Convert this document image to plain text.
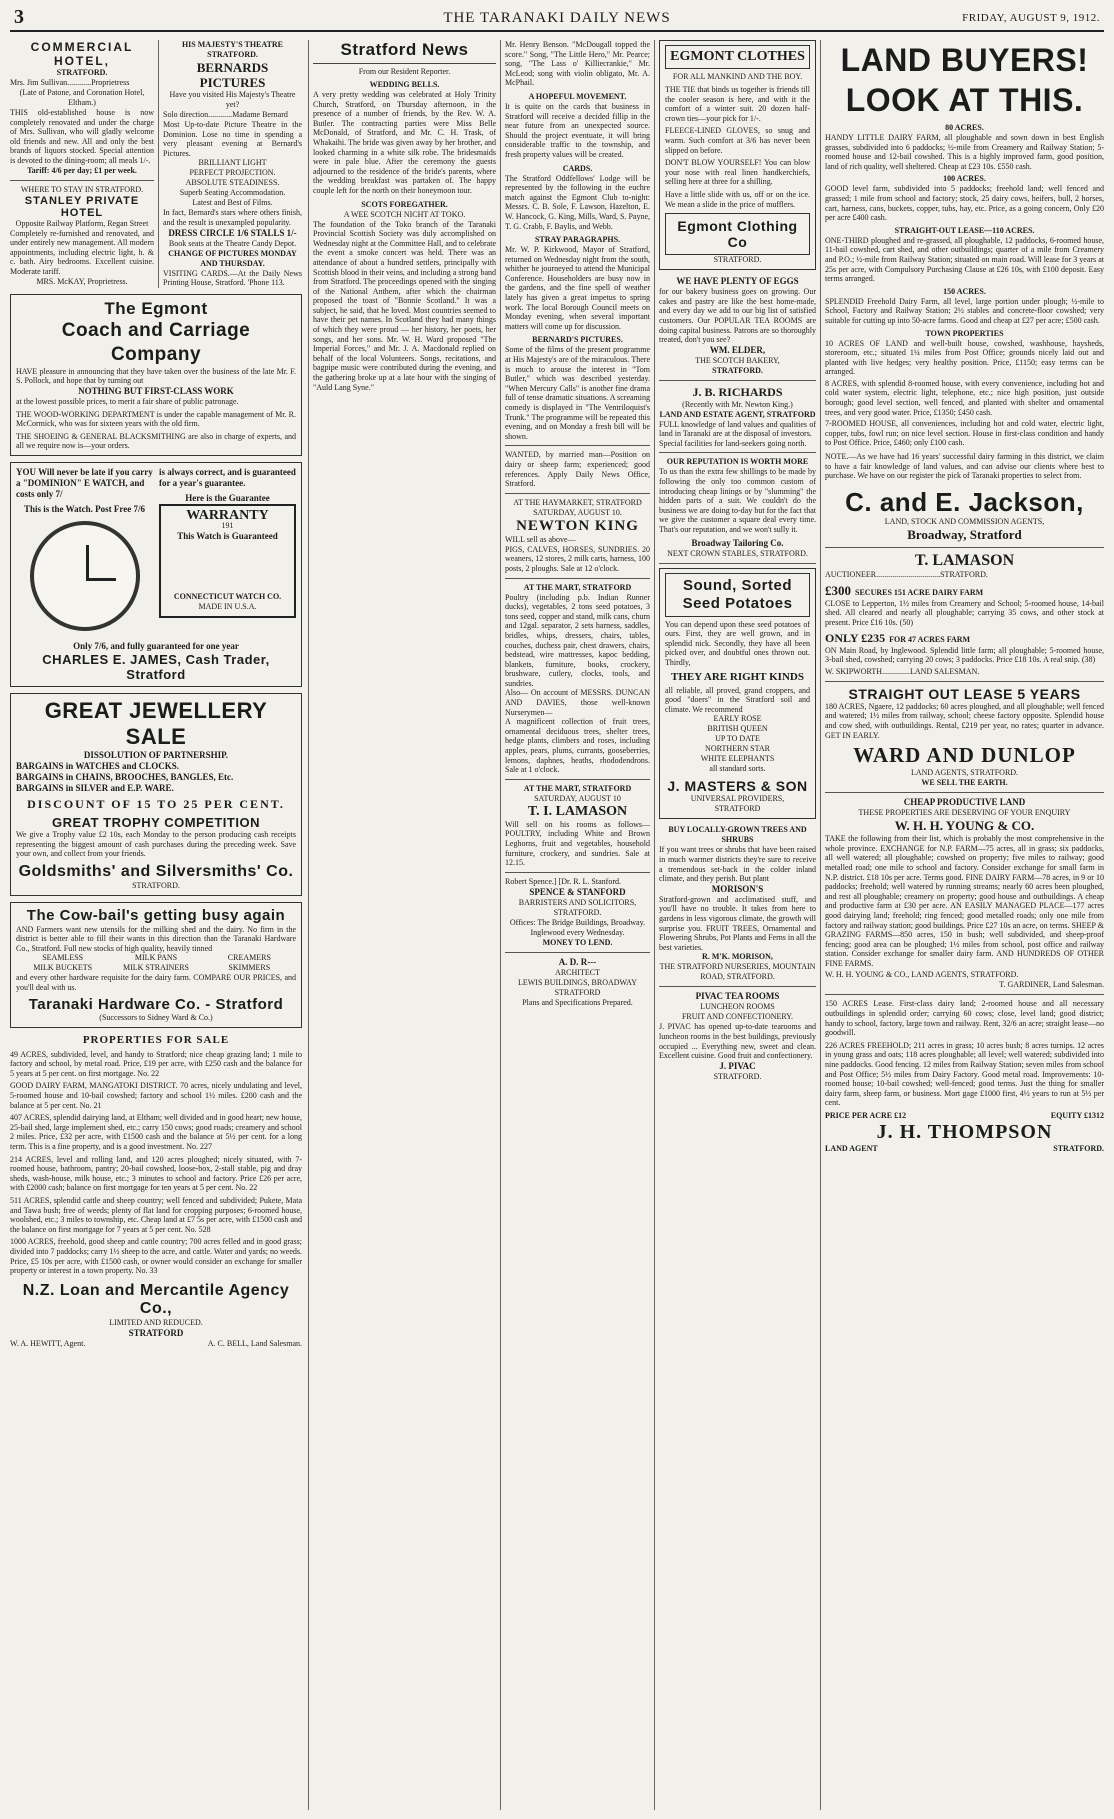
3	THE TARANAKI DAILY NEWS	FRIDAY, AUGUST 9, 1912.
COMMERCIAL HOTEL,
STRATFORD.
Mrs. Jim Sullivan............Proprietress
(Late of Patone, and Coronation Hotel, Eltham.)
THIS old-established house is now completely renovated and under the charge of Mrs. Sullivan, who will gladly welcome old friends and new. All and only the best brands of liquors stocked. Special attention is devoted to the dining-room; all meals 1/-.
Tariff: 4/6 per day; £1 per week.
WHERE TO STAY IN STRATFORD.
STANLEY PRIVATE HOTEL
Opposite Railway Platform, Regan Street
Completely re-furnished and renovated, and under entirely new management. All modern appointments, including electric light, h. & c. bath. Airy bedrooms. Excellent cuisine. Moderate tariff.
MRS. McKAY, Proprietress.
HIS MAJESTY'S THEATRE STRATFORD.
BERNARDS PICTURES
Have you visited His Majesty's Theatre yet?
Solo direction............Madame Bernard
Most Up-to-date Picture Theatre in the Dominion. Lose no time in spending a very pleasant evening at Bernard's Pictures.
BRILLIANT LIGHT
PERFECT PROJECTION.
ABSOLUTE STEADINESS.
Superb Seating Accommodation.
Latest and Best of Films.
In fact, Bernard's stars where others finish, and the result is unexampled popularity.
DRESS CIRCLE 1/6 STALLS 1/-
Book seats at the Theatre Candy Depot.
CHANGE OF PICTURES MONDAY AND THURSDAY.
VISITING CARDS.—At the Daily News Printing House, Stratford. 'Phone 113.
The Egmont
Coach and Carriage Company
HAVE pleasure in announcing that they have taken over the business of the late Mr. F. S. Pollock, and hope that by turning out
NOTHING BUT FIRST-CLASS WORK
at the lowest possible prices, to merit a fair share of public patronage.
THE WOOD-WORKING DEPARTMENT is under the capable management of Mr. R. McCormick, who was for sixteen years with the old firm.
THE SHOEING & GENERAL BLACKSMITHING are also in charge of experts, and all we require now is—your orders.
YOU Will never be late if you carry a "DOMINION" E WATCH, and costs only 7/
This is the Watch. Post Free 7/6
is always correct, and is guaranteed for a year's guarantee.
Here is the Guarantee
WARRANTY
191
This Watch is Guaranteed
CONNECTICUT WATCH CO.
MADE IN U.S.A.
Only 7/6, and fully guaranteed for one year
CHARLES E. JAMES, Cash Trader, Stratford
GREAT JEWELLERY SALE
DISSOLUTION OF PARTNERSHIP.
BARGAINS in WATCHES and CLOCKS.
BARGAINS in CHAINS, BROOCHES, BANGLES, Etc.
BARGAINS in SILVER and E.P. WARE.
DISCOUNT OF 15 TO 25 PER CENT.
GREAT TROPHY COMPETITION
We give a Trophy value £2 10s, each Monday to the person producing cash receipts representing the biggest amount of cash purchases during the preceding week. Save your own, and collect from your friends.
Goldsmiths' and Silversmiths' Co.
STRATFORD.
The Cow-bail's getting busy again
AND Farmers want new utensils for the milking shed and the dairy. No firm in the district is better able to fill their wants in this direction than the Taranaki Hardware Co., Stratford. Full new stocks of high quality, heavily tinned
SEAMLESS	MILK PANS	CREAMERS
MILK BUCKETS	MILK STRAINERS	SKIMMERS
and every other hardware requisite for the dairy farm. COMPARE OUR PRICES, and you'll deal with us.
Taranaki Hardware Co. - Stratford
(Successors to Sidney Ward & Co.)
PROPERTIES FOR SALE

49 ACRES, subdivided, level, and handy to Stratford; nice cheap grazing land; 1 mile to factory and school, by metal road. Price, £19 per acre, with £250 cash and the balance for 5 years at 5 per cent. on first mortgage. No. 22

GOOD DAIRY FARM, MANGATOKI DISTRICT. 70 acres, nicely undulating and level, 5-roomed house and 10-bail cowshed; factory and school 1½ miles. £200 cash and the balance at 5 per cent. No. 21

407 ACRES, splendid dairying land, at Eltham; well divided and in good heart; new house, 25-bail shed, large implement shed, etc.; carry 150 cows; good roads; creamery and school 2 miles. Price, £32 per acre, with £1500 cash and the balance at 5½ per cent. for a long term. This is a fine property, and is a good investment. No. 227

214 ACRES, level and rolling land, and 120 acres ploughed; nicely situated, with 7-roomed house, bathroom, pantry; 20-bail cowshed, loose-box, 2-stall stable, pig and dray sheds, wash-house, milk house, etc.; 3 minutes to school and factory. Price £26 per acre, with £2000 cash; balance on first mortgage for ten years at 5 per cent. No. 22

511 ACRES, splendid cattle and sheep country; well fenced and subdivided; Pukete, Mata and Tawa bush; free of weeds; plenty of flat land for cropping purposes; 6-roomed house, woolshed, etc.; 3 miles to township, etc. Cheap land at £7 5s per acre, with £1500 cash and the balance on first mortgage for 7 years at 5 per cent. No. 528

1000 ACRES, freehold, good sheep and cattle country; 700 acres felled and in good grass; divided into 7 paddocks; carry 1½ sheep to the acre, and cattle. Water and yards; no weeds. Price, £5 10s per acre, with £1500 cash, or owner would consider an exchange for smaller property or interest in a town property. No. 33

N.Z. Loan and Mercantile Agency Co.,
LIMITED AND REDUCED.
STRATFORD
W. A. HEWITT, Agent.	A. C. BELL, Land Salesman.
Stratford News
From our Resident Reporter.
WEDDING BELLS.
A very pretty wedding was celebrated at Holy Trinity Church, Stratford, on Thursday afternoon, in the presence of a number of friends, by the Rev. W. A. Butler. The contracting parties were Miss Belle McDonald, of Stratford, and Mr. C. H. Trask, of Whakaihi. The bride was given away by her brother, and looked charming in a white silk robe. The bridesmaids were in pale blue. After the ceremony the guests adjourned to the residence of the bride's parents, where the wedding breakfast was partaken of. The happy couple left for the north on their honeymoon tour.
SCOTS FOREGATHER.
A WEE SCOTCH NICHT AT TOKO.
The foundation of the Toko branch of the Taranaki Provincial Scottish Society was duly accomplished on Wednesday night at the Committee Hall, and to celebrate the event a smoke concert was held. There was an attendance of about a hundred settlers, principally with Scottish blood in their veins, and including a strong band from Stratford. The proceedings opened with the singing of the National Anthem, after which the chairman proposed the toast of "Bonnie Scotland." It was a subject, he said, that he loved. Most countries seemed to have their pet names. In Scotland they had many things of which they were proud — her history, her poets, her songs, and her sons. Mr. W. H. Ward proposed "The Imperial Forces," and Mr. J. A. Macdonald replied on behalf of the local Volunteers. Songs, recitations, and bagpipe music were contributed during the evening, and the gathering broke up at a late hour with the singing of "Auld Lang Syne."
Mr. Henry Benson. "McDougall topped the score." Song, "The Little Hero," Mr. Pearce; song, "The Lass o' Killiecrankie," Mr. McLeod; song with violin obligato, Mr. A. McPhail.
A HOPEFUL MOVEMENT.
It is quite on the cards that business in Stratford will receive a decided fillip in the near future from an unexpected source. Should the project eventuate, it will bring considerable traffic to the township, and fresh property values will be created.
CARDS.
The Stratford Oddfellows' Lodge will be represented by the following in the euchre match against the Egmont Club to-night: Messrs. C. B. Sole, F. Lawson, Hazelton, E. W. Hancock, G. King, Mills, Ward, S. Payne, T. G. Crabb, F. Baylis, and Webb.
STRAY PARAGRAPHS.
Mr. W. P. Kirkwood, Mayor of Stratford, returned on Wednesday night from the south, whither he journeyed to attend the Municipal Conference. Householders are busy now in the gardens, and the fine spell of weather lately has given a great impetus to spring work. The local Borough Council meets on Monday evening, when several important matters will come up for discussion.
BERNARD'S PICTURES.
Some of the films of the present programme at His Majesty's are of the miraculous. There is much to arouse the interest in "Tom Butler," which was described yesterday. "When Mercury Calls" is another fine drama full of tense dramatic situations. A screaming comedy is displayed in "The Ventriloquist's Trunk." The programme will be repeated this evening, and on Monday a fresh bill will be shown.
WANTED, by married man—Position on dairy or sheep farm; experienced; good references. Apply Daily News Office, Stratford.
AT THE HAYMARKET, STRATFORD
SATURDAY, AUGUST 10.
NEWTON KING
WILL sell as above—
PIGS, CALVES, HORSES, SUNDRIES. 20 weaners, 12 stores, 2 milk carts, harness, 100 posts, 2 ploughs. Sale at 12 o'clock.
AT THE MART, STRATFORD
Poultry (including p.b. Indian Runner ducks), vegetables, 2 tons seed potatoes, 3 tons seed, copper and stand, milk cans, churn and 12gal. separator, 2 sets harness, saddles, bridles, whips, dressers, chairs, tables, couches, duchess pair, chest drawers, chairs, bedstead, wire mattresses, kapoc bedding, blankets, furniture, books, crockery, brushware, cutlery, clocks, tools, and sundries.
Also— On account of MESSRS. DUNCAN AND DAVIES, those well-known Nurserymen—
A magnificent collection of fruit trees, ornamental deciduous trees, shelter trees, hedge plants, climbers and roses, including apples, pears, plums, currants, gooseberries, lemons, daphnes, heaths, rhododendrons. Sale at 1 o'clock.
AT THE MART, STRATFORD
SATURDAY, AUGUST 10
T. I. LAMASON
Will sell on his rooms as follows— POULTRY, including White and Brown Leghorns, fruit and vegetables, household furniture, crockery, and sundries. Sale at 12.15.
Robert Spence.] [Dr. R. L. Stanford.
SPENCE & STANFORD
BARRISTERS AND SOLICITORS, STRATFORD.
Offices: The Bridge Buildings, Broadway.
Inglewood every Wednesday.
MONEY TO LEND.
A. D. R---
ARCHITECT
LEWIS BUILDINGS, BROADWAY
STRATFORD
Plans and Specifications Prepared.
EGMONT CLOTHES
FOR ALL MANKIND AND THE BOY.
THE TIE that binds us together is friends till the cooler season is here, and with it the comfort of a winter suit. 20 dozen half-crown ties—your pick for 1/-.
FLEECE-LINED GLOVES, so snug and warm. Such comfort at 3/6 has never been slipped on before.
DON'T BLOW YOURSELF! You can blow your nose with real linen handkerchiefs, selling here at three for a shilling.
Have a little slide with us, off or on the ice. We mean a slide in the price of mufflers.
Egmont Clothing Co
STRATFORD.
WE HAVE PLENTY OF EGGS
for our bakery business goes on growing. Our cakes and pastry are like the best home-made, and every day we add to our big list of satisfied customers. Our POPULAR TEA ROOMS are doing capital business. Patrons are so thoroughly treated, don't you see?
WM. ELDER,
THE SCOTCH BAKERY,
STRATFORD.
J. B. RICHARDS
(Recently with Mr. Newton King.)
LAND AND ESTATE AGENT, STRATFORD
FULL knowledge of land values and qualities of land in Taranaki are at the disposal of investors.
Special facilities for land-seekers going north.
OUR REPUTATION IS WORTH MORE
To us than the extra few shillings to be made by following the only too common custom of introducing cheap linings or by "slumming" the hidden parts of a suit. We couldn't do the business we are doing to-day but for the fact that we give the customer a square deal every time. That's our reputation, and we won't sully it.
Broadway Tailoring Co.
NEXT CROWN STABLES, STRATFORD.
Sound, Sorted Seed Potatoes
You can depend upon these seed potatoes of ours. First, they are well grown, and in splendid nick. Secondly, they have all been picked over, and doubtful ones thrown out. Thirdly,
THEY ARE RIGHT KINDS
all reliable, all proved, grand croppers, and good "doers" in the Stratford soil and climate. We recommend
EARLY ROSE
BRITISH QUEEN
UP TO DATE
NORTHERN STAR
WHITE ELEPHANTS
all standard sorts.
J. MASTERS & SON
UNIVERSAL PROVIDERS,
STRATFORD
BUY LOCALLY-GROWN TREES AND SHRUBS
If you want trees or shrubs that have been raised in much warmer districts they're sure to receive a tremendous set-back in the colder inland climate, and they perish. But plant
MORISON'S
Stratford-grown and acclimatised stuff, and you'll have no trouble. It takes from here to gardens in less vigorous climate, the growth will surprise you. FRUIT TREES, Ornamental and Flowering Shrubs, Pot Plants and Ferns in all the best varieties.
R. M'K. MORISON,
THE STRATFORD NURSERIES, MOUNTAIN ROAD, STRATFORD.
PIVAC TEA ROOMS
LUNCHEON ROOMS
FRUIT AND CONFECTIONERY.
J. PIVAC has opened up-to-date tearooms and luncheon rooms in the best buildings, previously occupied ... Everything new, sweet and clean. Excellent cuisine. Good fruit and confectionery.
J. PIVAC
STRATFORD.
LAND BUYERS!
LOOK AT THIS.
80 ACRES.
HANDY LITTLE DAIRY FARM, all ploughable and sown down in best English grasses, subdivided into 6 paddocks; ½-mile from Creamery and Railway Station; 5-roomed house and 12-bail cowshed. This is a highly improved farm, good position, land of rich quality, well sheltered. Cheap at £23 10s. £550 cash.
100 ACRES.
GOOD level farm, subdivided into 5 paddocks; freehold land; well fenced and grassed; 1 mile from school and factory; stock, 25 dairy cows, heifers, bull, 2 horses, cart, harness, cans, buckets, copper, tubs, hay, etc. Price, as a going concern, Only £20 per acre £400 cash.
STRAIGHT-OUT LEASE—110 ACRES.
ONE-THIRD ploughed and re-grassed, all ploughable, 12 paddocks, 6-roomed house, 11-bail cowshed, cart shed, and other outbuildings; quarter of a mile from Creamery and P.O.; ½-mile from Railway Station; situated on main road. Will lease for 3 years at 25s per acre, with Compulsory Purchasing Clause at £26 10s, with £100 deposit. Easy terms arranged.
150 ACRES.
SPLENDID Freehold Dairy Farm, all level, large portion under plough; ½-mile to School, Factory and Railway Station; 2½ stables and concrete-floor cowshed; very suitable for cutting up into 50-acre farms. Good and cheap at £27 per acre; £500 cash.
TOWN PROPERTIES
10 ACRES OF LAND and well-built house, cowshed, washhouse, haysheds, storeroom, etc.; situated 1¼ miles from Post Office; grounds nicely laid out and planted with live hedges; very healthy position. Price, £1150; easy terms can be arranged.
8 ACRES, with splendid 8-roomed house, with every convenience, including hot and cold water system, electric light, telephone, etc.; nice high position, just outside borough; good level section, well fenced, and planted with shelter and ornamental trees, and very good water. Price, £1350; £450 cash.
7-ROOMED HOUSE, all conveniences, including hot and cold water, electric light, copper, tubs, fowl run; on nice level section. House in first-class condition and handy to Post Office. Price, £460; only £100 cash.
NOTE.—As we have had 16 years' successful dairy farming in this district, we claim to have a fair knowledge of land values, and can advise our clients where best to purchase. We have on our register the pick of Taranaki properties to select from.
C. and E. Jackson,
LAND, STOCK AND COMMISSION AGENTS,
Broadway, Stratford
T. LAMASON
AUCTIONEER................................STRATFORD.
£300 SECURES 151 ACRE DAIRY FARM
CLOSE to Lepperton, 1½ miles from Creamery and School; 5-roomed house, 14-bail shed. All cleared and nearly all ploughable; carrying 35 cows, and other stock at present. Price £16 10s. (50)
ONLY £235 FOR 47 ACRES FARM
ON Main Road, by Inglewood. Splendid little farm; all ploughable; 5-roomed house, 3-bail shed, cowshed; carrying 20 cows; 3 paddocks. Price £18 10s. A real snip. (38)
W. SKIPWORTH..............LAND SALESMAN.
STRAIGHT OUT LEASE 5 YEARS
180 ACRES, Ngaere, 12 paddocks; 60 acres ploughed, and all ploughable; well fenced and watered; 1½ miles from railway, school; cheese factory opposite. Splendid house and cow shed, with outbuildings. Rental, £219 per year, no rates; quarter in advance. GET IN EARLY.
WARD AND DUNLOP
LAND AGENTS, STRATFORD.
WE SELL THE EARTH.
CHEAP PRODUCTIVE LAND
THESE PROPERTIES ARE DESERVING OF YOUR ENQUIRY
W. H. H. YOUNG & CO.
TAKE the following from their list, which is probably the most comprehensive in the whole province. EXCHANGE for N.P. FARM—75 acres, all in grass; six paddocks, all well watered; all ploughable; cowshed on property; five miles to railway; good metalled road; one mile to school and factory. Consider exchange for small farm in N.P. district. £18 10s per acre. Terms good. FINE DAIRY FARM—78 acres, in 9 or 10 paddocks; freehold; well watered by running streams; nearly 60 acres been ploughed, and rest all ploughable; creamery on property; good house and outbuildings. A cheap and productive farm at £30 per acre. AN EASILY MANAGED PLACE—177 acres good dairying land; freehold; ring fenced; good metalled roads; only one mile from factory and railway station; good buildings. Price £27 10s an acre, on terms. SHEEP & GRAZING FARMS—850 acres, 150 in bush; well subdivided, and sheep-proof fencing; good area can be ploughed; 1½ miles from school, post office and railway station. Consider exchange for smaller dairy farm. AND HUNDREDS OF OTHER FINE FARMS.
W. H. H. YOUNG & CO., LAND AGENTS, STRATFORD.
T. GARDINER, Land Salesman.
150 ACRES Lease. First-class dairy land; 2-roomed house and all necessary outbuildings in splendid order; carrying 60 cows; close, level land; good district; handy to school, factory, large town and railway. Rent, 32/6 an acre; straight lease—no goodwill.
226 ACRES FREEHOLD; 211 acres in grass; 10 acres bush; 8 acres turnips. 12 acres in young grass and oats; 118 acres ploughable; all level; well watered; subdivided into nine paddocks. Good fencing. 12 miles from Railway Station; seven miles from school and Post Office; 5½ miles from Dairy Factory. Good metal road. Improvements: 10-roomed house; 10-bail cowshed; well-fenced; good terms. Just the thing for smaller dairy farm, sheep farm, or business. Mort gage £1000 first, 4½ years to run at 5½ per cent.
PRICE PER ACRE £12	EQUITY £1312
J. H. THOMPSON
LAND AGENT	STRATFORD.
